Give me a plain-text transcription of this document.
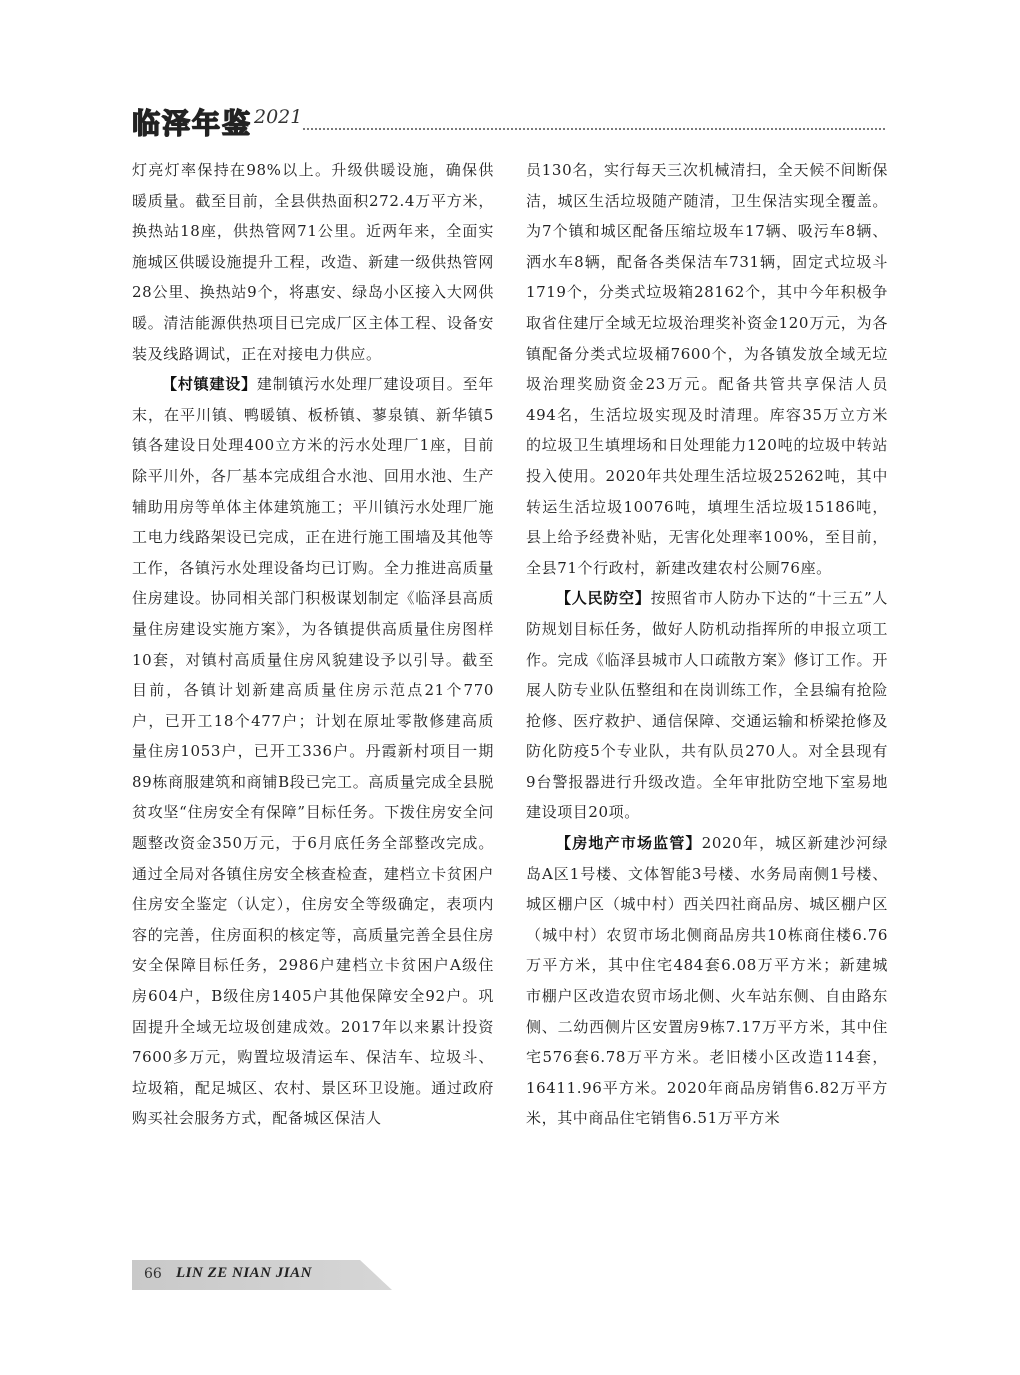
临泽年鉴 2021

灯亮灯率保持在98%以上。升级供暖设施，确保供暖质量。截至目前，全县供热面积272.4万平方米，换热站18座，供热管网71公里。近两年来，全面实施城区供暖设施提升工程，改造、新建一级供热管网28公里、换热站9个，将惠安、绿岛小区接入大网供暖。清洁能源供热项目已完成厂区主体工程、设备安装及线路调试，正在对接电力供应。

【村镇建设】建制镇污水处理厂建设项目。至年末，在平川镇、鸭暖镇、板桥镇、蓼泉镇、新华镇5镇各建设日处理400立方米的污水处理厂1座，目前除平川外，各厂基本完成组合水池、回用水池、生产辅助用房等单体主体建筑施工；平川镇污水处理厂施工电力线路架设已完成，正在进行施工围墙及其他等工作，各镇污水处理设备均已订购。全力推进高质量住房建设。协同相关部门积极谋划制定《临泽县高质量住房建设实施方案》，为各镇提供高质量住房图样10套，对镇村高质量住房风貌建设予以引导。截至目前，各镇计划新建高质量住房示范点21个770户，已开工18个477户；计划在原址零散修建高质量住房1053户，已开工336户。丹霞新村项目一期89栋商服建筑和商铺B段已完工。高质量完成全县脱贫攻坚“住房安全有保障”目标任务。下拨住房安全问题整改资金350万元，于6月底任务全部整改完成。通过全局对各镇住房安全核查检查，建档立卡贫困户住房安全鉴定（认定），住房安全等级确定，表项内容的完善，住房面积的核定等，高质量完善全县住房安全保障目标任务，2986户建档立卡贫困户A级住房604户，B级住房1405户其他保障安全92户。巩固提升全域无垃圾创建成效。2017年以来累计投资7600多万元，购置垃圾清运车、保洁车、垃圾斗、垃圾箱，配足城区、农村、景区环卫设施。通过政府购买社会服务方式，配备城区保洁人

员130名，实行每天三次机械清扫，全天候不间断保洁，城区生活垃圾随产随清，卫生保洁实现全覆盖。为7个镇和城区配备压缩垃圾车17辆、吸污车8辆、洒水车8辆，配备各类保洁车731辆，固定式垃圾斗1719个，分类式垃圾箱28162个，其中今年积极争取省住建厅全域无垃圾治理奖补资金120万元，为各镇配备分类式垃圾桶7600个，为各镇发放全域无垃圾治理奖励资金23万元。配备共管共享保洁人员494名，生活垃圾实现及时清理。库容35万立方米的垃圾卫生填埋场和日处理能力120吨的垃圾中转站投入使用。2020年共处理生活垃圾25262吨，其中转运生活垃圾10076吨，填埋生活垃圾15186吨，县上给予经费补贴，无害化处理率100%，至目前，全县71个行政村，新建改建农村公厕76座。

【人民防空】按照省市人防办下达的“十三五”人防规划目标任务，做好人防机动指挥所的申报立项工作。完成《临泽县城市人口疏散方案》修订工作。开展人防专业队伍整组和在岗训练工作，全县编有抢险抢修、医疗救护、通信保障、交通运输和桥梁抢修及防化防疫5个专业队，共有队员270人。对全县现有9台警报器进行升级改造。全年审批防空地下室易地建设项目20项。

【房地产市场监管】2020年，城区新建沙河绿岛A区1号楼、文体智能3号楼、水务局南侧1号楼、城区棚户区（城中村）西关四社商品房、城区棚户区（城中村）农贸市场北侧商品房共10栋商住楼6.76万平方米，其中住宅484套6.08万平方米；新建城市棚户区改造农贸市场北侧、火车站东侧、自由路东侧、二幼西侧片区安置房9栋7.17万平方米，其中住宅576套6.78万平方米。老旧楼小区改造114套，16411.96平方米。2020年商品房销售6.82万平方米，其中商品住宅销售6.51万平方米

66 LIN ZE NIAN JIAN
